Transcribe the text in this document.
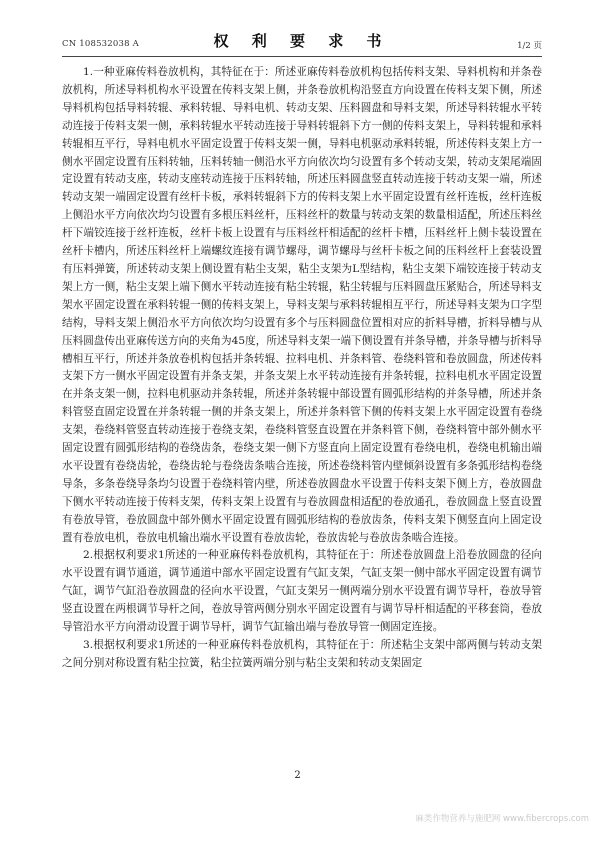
CN 108532038 A	权 利 要 求 书	1/2 页

1.一种亚麻传料卷放机构，其特征在于：所述亚麻传料卷放机构包括传料支架、导料机构和并条卷放机构，所述导料机构水平设置在传料支架上侧，并条卷放机构沿竖直方向设置在传料支架下侧，所述导料机构包括导料转辊、承料转辊、导料电机、转动支架、压料圆盘和导料支架，所述导料转辊水平转动连接于传料支架一侧，承料转辊水平转动连接于导料转辊斜下方一侧的传料支架上，导料转辊和承料转辊相互平行，导料电机水平固定设置于传料支架一侧，导料电机驱动承料转辊，所述传料支架上方一侧水平固定设置有压料转轴，压料转轴一侧沿水平方向依次均匀设置有多个转动支架，转动支架尾端固定设置有转动支座，转动支座转动连接于压料转轴，所述压料圆盘竖直转动连接于转动支架一端，所述转动支架一端固定设置有丝杆卡板，承料转辊斜下方的传料支架上水平固定设置有丝杆连板，丝杆连板上侧沿水平方向依次均匀设置有多根压料丝杆，压料丝杆的数量与转动支架的数量相适配，所述压料丝杆下端铰连接于丝杆连板，丝杆卡板上设置有与压料丝杆相适配的丝杆卡槽，压料丝杆上侧卡装设置在丝杆卡槽内，所述压料丝杆上端螺纹连接有调节螺母，调节螺母与丝杆卡板之间的压料丝杆上套装设置有压料弹簧，所述转动支架上侧设置有粘尘支架，粘尘支架为L型结构，粘尘支架下端铰连接于转动支架上方一侧，粘尘支架上端下侧水平转动连接有粘尘转辊，粘尘转辊与压料圆盘压紧贴合，所述导料支架水平固定设置在承料转辊一侧的传料支架上，导料支架与承料转辊相互平行，所述导料支架为口字型结构，导料支架上侧沿水平方向依次均匀设置有多个与压料圆盘位置相对应的折料导槽，折料导槽与从压料圆盘传出亚麻传送方向的夹角为45度，所述导料支架一端下侧设置有并条导槽，并条导槽与折料导槽相互平行，所述并条放卷机构包括并条转辊、拉料电机、并条料管、卷绕料管和卷放圆盘，所述传料支架下方一侧水平固定设置有并条支架，并条支架上水平转动连接有并条转辊，拉料电机水平固定设置在并条支架一侧，拉料电机驱动并条转辊，所述并条转辊中部设置有圆弧形结构的并条导槽，所述并条料管竖直固定设置在并条转辊一侧的并条支架上，所述并条料管下侧的传料支架上水平固定设置有卷绕支架，卷绕料管竖直转动连接于卷绕支架，卷绕料管竖直设置在并条料管下侧，卷绕料管中部外侧水平固定设置有圆弧形结构的卷绕齿条，卷绕支架一侧下方竖直向上固定设置有卷绕电机，卷绕电机输出端水平设置有卷绕齿轮，卷绕齿轮与卷绕齿条啮合连接，所述卷绕料管内壁倾斜设置有多条弧形结构卷绕导条，多条卷绕导条均匀设置于卷绕料管内壁，所述卷放圆盘水平设置于传料支架下侧上方，卷放圆盘下侧水平转动连接于传料支架，传料支架上设置有与卷放圆盘相适配的卷放通孔，卷放圆盘上竖直设置有卷放导管，卷放圆盘中部外侧水平固定设置有圆弧形结构的卷放齿条，传料支架下侧竖直向上固定设置有卷放电机，卷放电机输出端水平设置有卷放齿轮，卷放齿轮与卷放齿条啮合连接。

2.根据权利要求1所述的一种亚麻传料卷放机构，其特征在于：所述卷放圆盘上沿卷放圆盘的径向水平设置有调节通道，调节通道中部水平固定设置有气缸支架，气缸支架一侧中部水平固定设置有调节气缸，调节气缸沿卷放圆盘的径向水平设置，气缸支架另一侧两端分别水平设置有调节导杆，卷放导管竖直设置在两根调节导杆之间，卷放导管两侧分别水平固定设置有与调节导杆相适配的平移套筒，卷放导管沿水平方向滑动设置于调节导杆，调节气缸输出端与卷放导管一侧固定连接。

3.根据权利要求1所述的一种亚麻传料卷放机构，其特征在于：所述粘尘支架中部两侧与转动支架之间分别对称设置有粘尘拉簧，粘尘拉簧两端分别与粘尘支架和转动支架固定

2
麻类作物营养与施肥网 www.fibercrops.com
